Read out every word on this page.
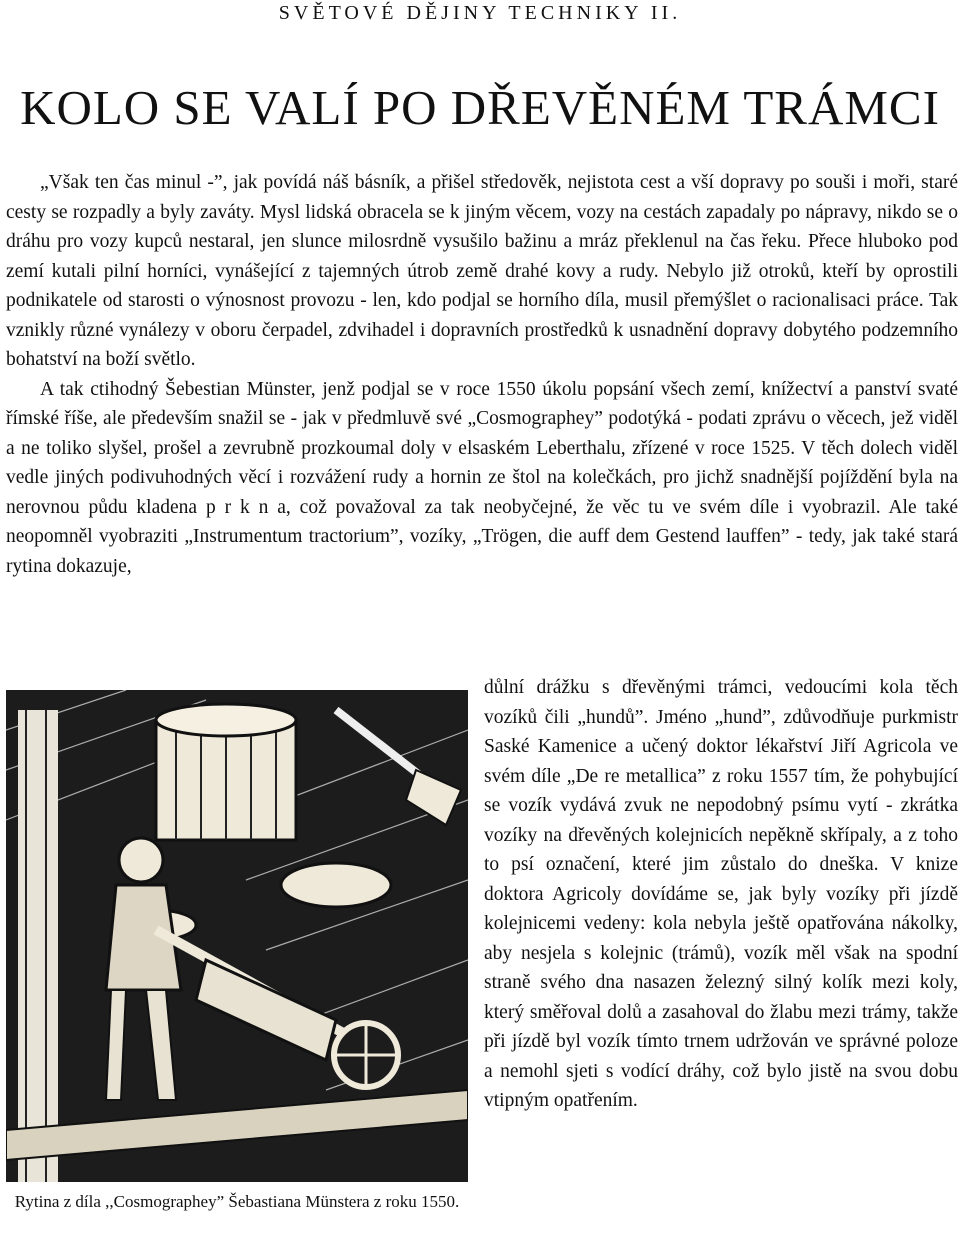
SVĚTOVÉ DĚJINY TECHNIKY II.
KOLO SE VALÍ PO DŘEVĚNÉM TRÁMCI

„Však ten čas minul -”, jak povídá náš básník, a přišel středověk, nejistota cest a vší dopravy po souši i moři, staré cesty se rozpadly a byly zaváty. Mysl lidská obracela se k jiným věcem, vozy na cestách zapadaly po nápravy, nikdo se o dráhu pro vozy kupců nestaral, jen slunce milosrdně vysušilo bažinu a mráz překlenul na čas řeku. Přece hluboko pod zemí kutali pilní horníci, vynášející z tajemných útrob země drahé kovy a rudy. Nebylo již otroků, kteří by oprostili podnikatele od starosti o výnosnost provozu - len, kdo podjal se horního díla, musil přemýšlet o racionalisaci práce. Tak vznikly různé vynálezy v oboru čerpadel, zdvihadel i dopravních prostředků k usnadnění dopravy dobytého podzemního bohatství na boží světlo.

A tak ctihodný Šebestian Münster, jenž podjal se v roce 1550 úkolu popsání všech zemí, knížectví a panství svaté římské říše, ale především snažil se - jak v předmluvě své „Cosmographey” podotýká - podati zprávu o věcech, jež viděl a ne toliko slyšel, prošel a zevrubně prozkoumal doly v elsaském Leberthalu, zřízené v roce 1525. V těch dolech viděl vedle jiných podivuhodných věcí i rozvážení rudy a hornin ze štol na kolečkách, pro jichž snadnější pojíždění byla na nerovnou půdu kladena p r k n a, což považoval za tak neobyčejné, že věc tu ve svém díle i vyobrazil. Ale také neopomněl vyobraziti „Instrumentum tractorium”, vozíky, „Trögen, die auff dem Gestend lauffen” - tedy, jak také stará rytina dokazuje,

Rytina z díla ,,Cosmographey” Šebastiana Münstera z roku 1550.

důlní drážku s dřevěnými trámci, vedoucími kola těch vozíků čili „hundů”. Jméno „hund”, zdůvodňuje purkmistr Saské Kamenice a učený doktor lékařství Jiří Agricola ve svém díle „De re metallica” z roku 1557 tím, že pohybující se vozík vydává zvuk ne nepodobný psímu vytí - zkrátka vozíky na dřevěných kolejnicích nepěkně skřípaly, a z toho to psí označení, které jim zůstalo do dneška. V knize doktora Agricoly dovídáme se, jak byly vozíky při jízdě kolejnicemi vedeny: kola nebyla ještě opatřována nákolky, aby nesjela s kolejnic (trámů), vozík měl však na spodní straně svého dna nasazen železný silný kolík mezi koly, který směřoval dolů a zasahoval do žlabu mezi trámy, takže při jízdě byl vozík tímto trnem udržován ve správné poloze a nemohl sjeti s vodící dráhy, což bylo jistě na svou dobu vtipným opatřením.
